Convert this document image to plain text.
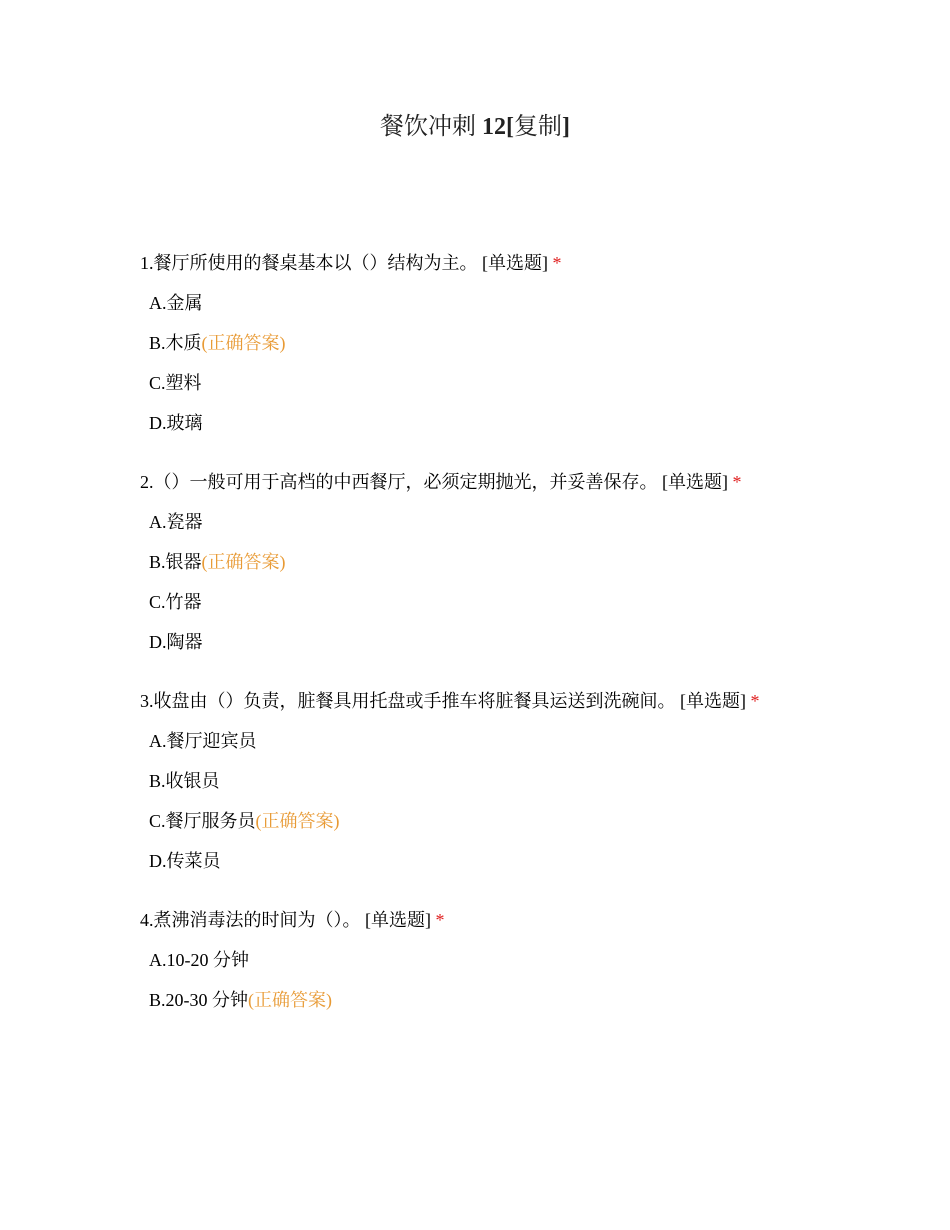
餐饮冲刺 12[复制]
1.餐厅所使用的餐桌基本以（）结构为主。 [单选题] *
A.金属
B.木质(正确答案)
C.塑料
D.玻璃
2.（）一般可用于高档的中西餐厅，必须定期抛光，并妥善保存。 [单选题] *
A.瓷器
B.银器(正确答案)
C.竹器
D.陶器
3.收盘由（）负责，脏餐具用托盘或手推车将脏餐具运送到洗碗间。 [单选题] *
A.餐厅迎宾员
B.收银员
C.餐厅服务员(正确答案)
D.传菜员
4.煮沸消毒法的时间为（）。 [单选题] *
A.10-20 分钟
B.20-30 分钟(正确答案)
